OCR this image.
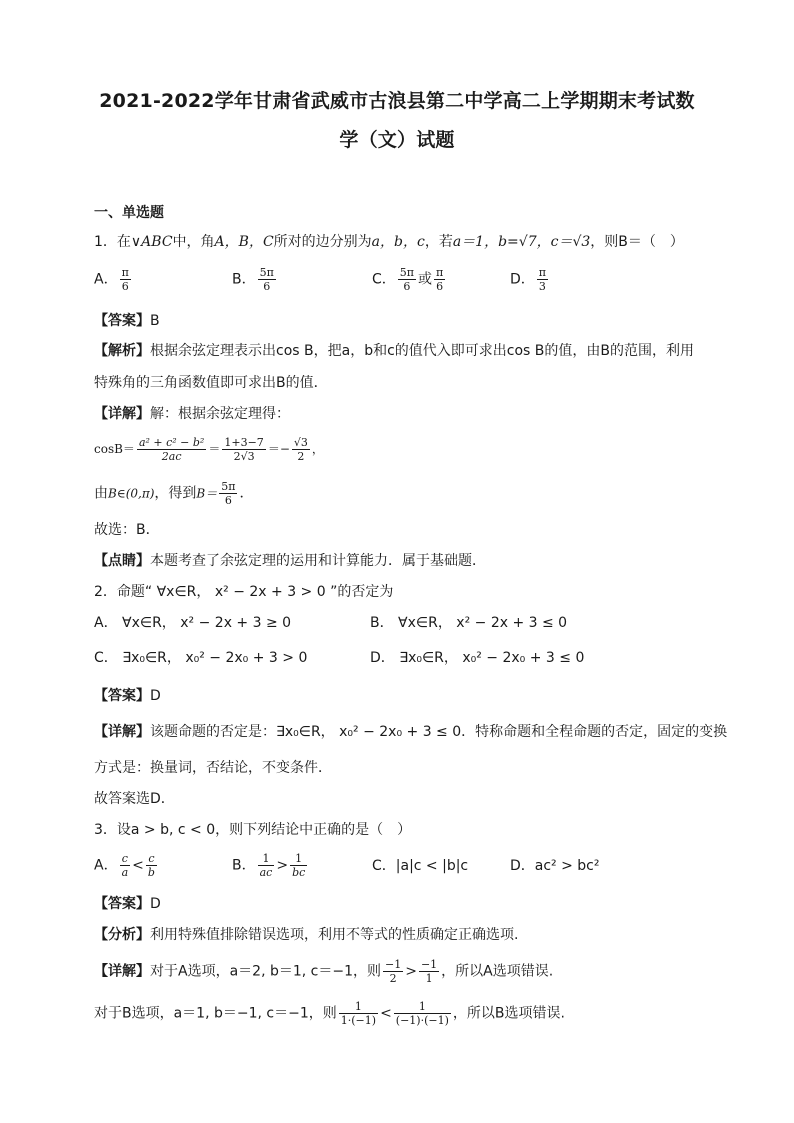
2021-2022学年甘肃省武威市古浪县第二中学高二上学期期末考试数
学（文）试题
一、单选题
1．在∨ABC中，角A，B，C所对的边分别为a，b，c，若a＝1，b=√7，c＝√3，则B＝（　）
A． $\frac{\pi}{6}$	B． $\frac{5\pi}{6}$	C． $\frac{5\pi}{6}$ 或 $\frac{\pi}{6}$	D． $\frac{\pi}{3}$
【答案】B
【解析】根据余弦定理表示出cos B，把a，b和c的值代入即可求出cos B的值，由B的范围，利用
特殊角的三角函数值即可求出B的值．
【详解】解：根据余弦定理得：
$\cos B= \frac{\text{a² + c² − b²}}{2ac} = \frac{1+3-7}{2√3} =- \frac{√3}{2}$ ，
由B∈(0,π)，得到$B= \frac{5\pi}{6}$ ．
故选：B．
【点睛】本题考查了余弦定理的运用和计算能力．属于基础题．
2．命题“ ∀x∈R， x² − 2x + 3 > 0 ”的否定为
A． ∀x∈R， x² − 2x + 3 ≥ 0	B． ∀x∈R， x² − 2x + 3 ≤ 0
C． ∃x₀∈R， x₀² − 2x₀ + 3 > 0	D． ∃x₀∈R， x₀² − 2x₀ + 3 ≤ 0
【答案】D
【详解】该题命题的否定是：∃x₀∈R， x₀² − 2x₀ + 3 ≤ 0．特称命题和全程命题的否定，固定的变换
方式是：换量词，否结论，不变条件．
故答案选D．
3．设a > b, c < 0，则下列结论中正确的是（　）
A． $\frac{c}{a} < \frac{c}{b}$	B． $\frac{1}{ac} > \frac{1}{bc}$	C．|a|c < |b|c	D．ac² > bc²
【答案】D
【分析】利用特殊值排除错误选项，利用不等式的性质确定正确选项.
【详解】对于A选项，a＝2, b＝1, c＝−1，则 $\frac{-1}{2} > \frac{-1}{1}$ ，所以A选项错误.
对于B选项，a＝1, b＝−1, c＝−1，则 $\frac{1}{1\cdot(-1)} < \frac{1}{(-1)\cdot(-1)}$ ，所以B选项错误.
